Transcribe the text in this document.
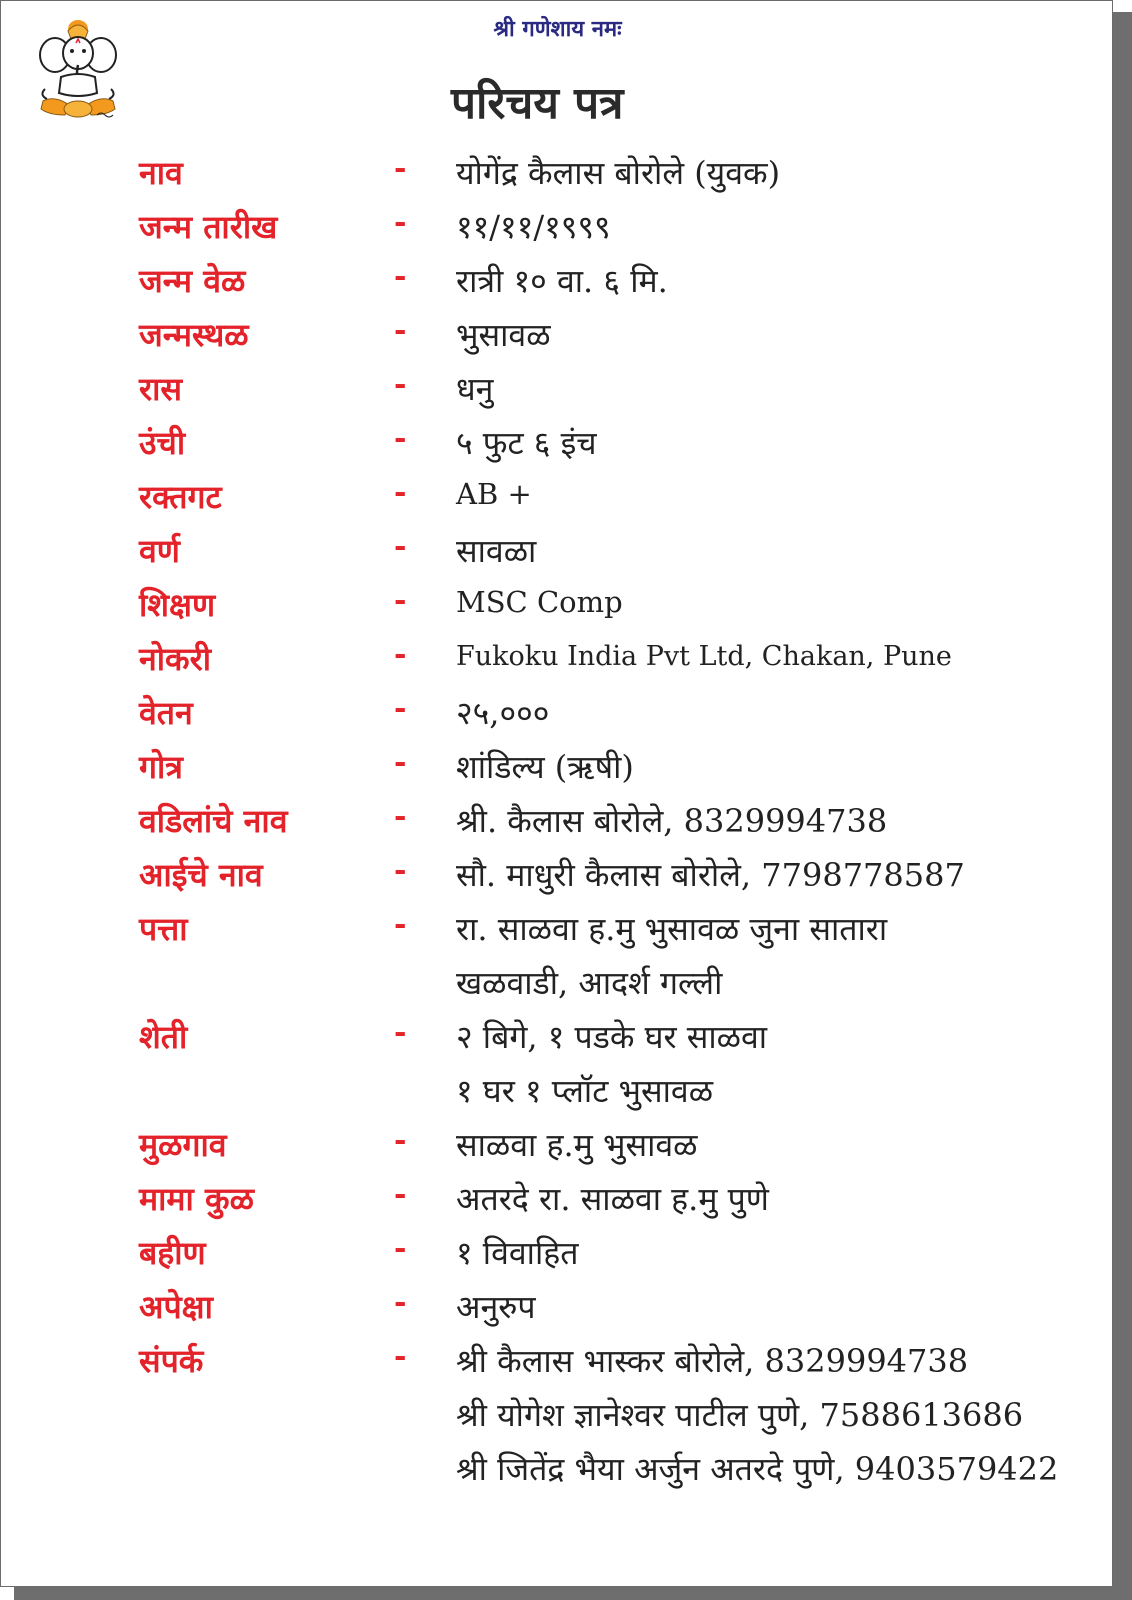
श्री गणेशाय नमः
परिचय पत्र
नाव	- योगेंद्र कैलास बोरोले (युवक)
जन्म तारीख	- ११/११/१९९९
जन्म वेळ	- रात्री १० वा. ६ मि.
जन्मस्थळ	- भुसावळ
रास	- धनु
उंची	- ५ फुट ६ इंच
रक्तगट	- AB +
वर्ण	- सावळा
शिक्षण	- MSC Comp
नोकरी	- Fukoku India Pvt Ltd, Chakan, Pune
वेतन	- २५,०००
गोत्र	- शांडिल्य (ऋषी)
वडिलांचे नाव	- श्री. कैलास बोरोले, 8329994738
आईचे नाव	- सौ. माधुरी कैलास बोरोले, 7798778587
पत्ता	- रा. साळवा ह.मु भुसावळ जुना सातारा
खळवाडी, आदर्श गल्ली
शेती	- २ बिगे, १ पडके घर साळवा
१ घर १ प्लॉट भुसावळ
मुळगाव	- साळवा ह.मु भुसावळ
मामा कुळ	- अतरदे रा. साळवा ह.मु पुणे
बहीण	- १ विवाहित
अपेक्षा	- अनुरुप
संपर्क	- श्री कैलास भास्कर बोरोले, 8329994738
श्री योगेश ज्ञानेश्वर पाटील पुणे, 7588613686
श्री जितेंद्र भैया अर्जुन अतरदे पुणे, 9403579422
